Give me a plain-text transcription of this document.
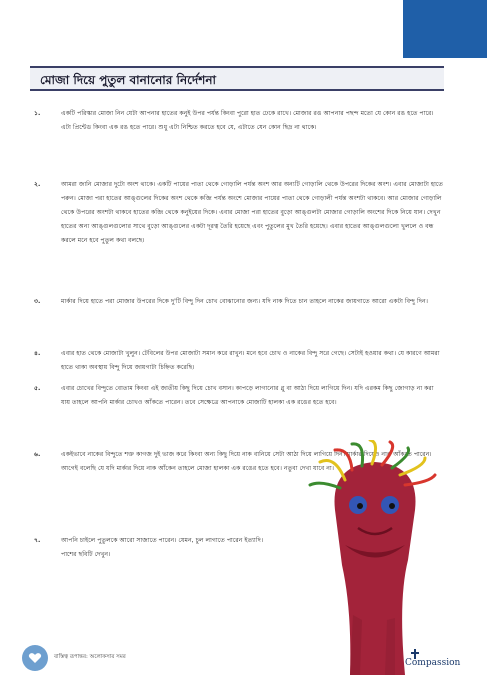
মোজা দিয়ে পুতুল বানানোর নির্দেশনা
১.	একটি পরিস্কার মোজা নিন যেটা আপনার হাতের কনুই উপর পর্যন্ত কিংবা পুরো হাত ঢেকে রাখে। মোজার রঙ আপনার পছন্দ মতো যে কোন রঙ হতে পারে। এটা প্রিন্টেড কিংবা এক রঙ হতে পারে। শুধু এটা নিশ্চিত করতে হবে যে, এটাতে যেন কোন ছিদ্র না থাকে।
২.	আমরা জানি মোজার দুটো অংশ থাকে। একটি পায়ের পাতা থেকে গোড়ালি পর্যন্ত অংশ আর অন্যটি গোড়ালি থেকে উপরের দিকের অংশ। এবার মোজাটা হাতে পরুন। মোজা পরা হাতের আঙ্গুলের দিকের অংশ থেকে কব্জি পর্যন্ত অংশে মোজার পায়ের পাতা থেকে গোড়ালী পর্যন্ত অংশটা থাকবে। আর মোজার গোড়ালি থেকে উপরের অংশটা থাকবে হাতের কব্জি থেকে কনুইয়ের দিকে। এবার মোজা পরা হাতের বুড়ো আঙ্গুলটা মোজার গোড়ালি অংশের দিকে নিয়ে যান। দেখুন হাতের অন্য আঙ্গুলগুলোর সাথে বুড়ো আঙ্গুলের একটা দূরত্ব তৈরি হয়েছে এবং পুতুলের মুখ তৈরি হয়েছে। এবার হাতের আঙ্গুলগুলো খুললে ও বন্ধ করলে মনে হবে পুতুল কথা বলছে।
৩.	মার্কার দিয়ে হাতে পরা মোজার উপরের দিকে দু'টি বিন্দু দিন চোখ বোঝানোর জন্য। যদি নাক দিতে চান তাহলে নাকের জায়গাতে আরো একটা বিন্দু দিন।
৪.	এবার হাত থেকে মোজাটা খুলুন। টেবিলের উপর মোজাটা সমান করে রাখুন। মনে হবে চোখ ও নাকের বিন্দু সরে গেছে। সেটাই হওয়ার কথা। যে কারণে আমরা হাতে থাকা অবস্থায় বিন্দু দিয়ে জায়গাটা চিহ্নিত করেছি।
৫.	এবার চোখের বিন্দুতে বোতাম কিংবা এই জাতীয় কিছু দিয়ে চোখ বসান। কাপড়ে লাগানোর গ্লু বা আঠা দিয়ে লাগিয়ে দিন। যদি এরকম কিছু জোগাড় না করা যায় তাহলে আপনি মার্কার চোখও আঁকতে পারেন। তবে সেক্ষেত্রে আপনাকে মোজাটি হালকা এক রঙের হতে হবে।
৬.	একইভাবে নাকের বিন্দুতে শক্ত কাগজ দুই ভাজ করে কিংবা অন্য কিছু দিয়ে নাক বানিয়ে সেটা আঠা দিয়ে লাগিয়ে দিন। মার্কার দিয়েও নাক আঁকতে পারেন। আগেই বলেছি যে যদি মার্কার দিয়ে নাক আঁকেন তাহলে মোজা হালকা এক রঙের হতে হবে। নতুবা দেখা যাবে না।
৭.	আপনি চাইলে পুতুলকে আরো সাজাতে পারেন। যেমন, চুল লাগাতে পারেন ইত্যাদি। পাশের ছবিটি দেখুন।
বাস্তিত্ব রূপান্তর: অলোকসার সমর
Compassion
